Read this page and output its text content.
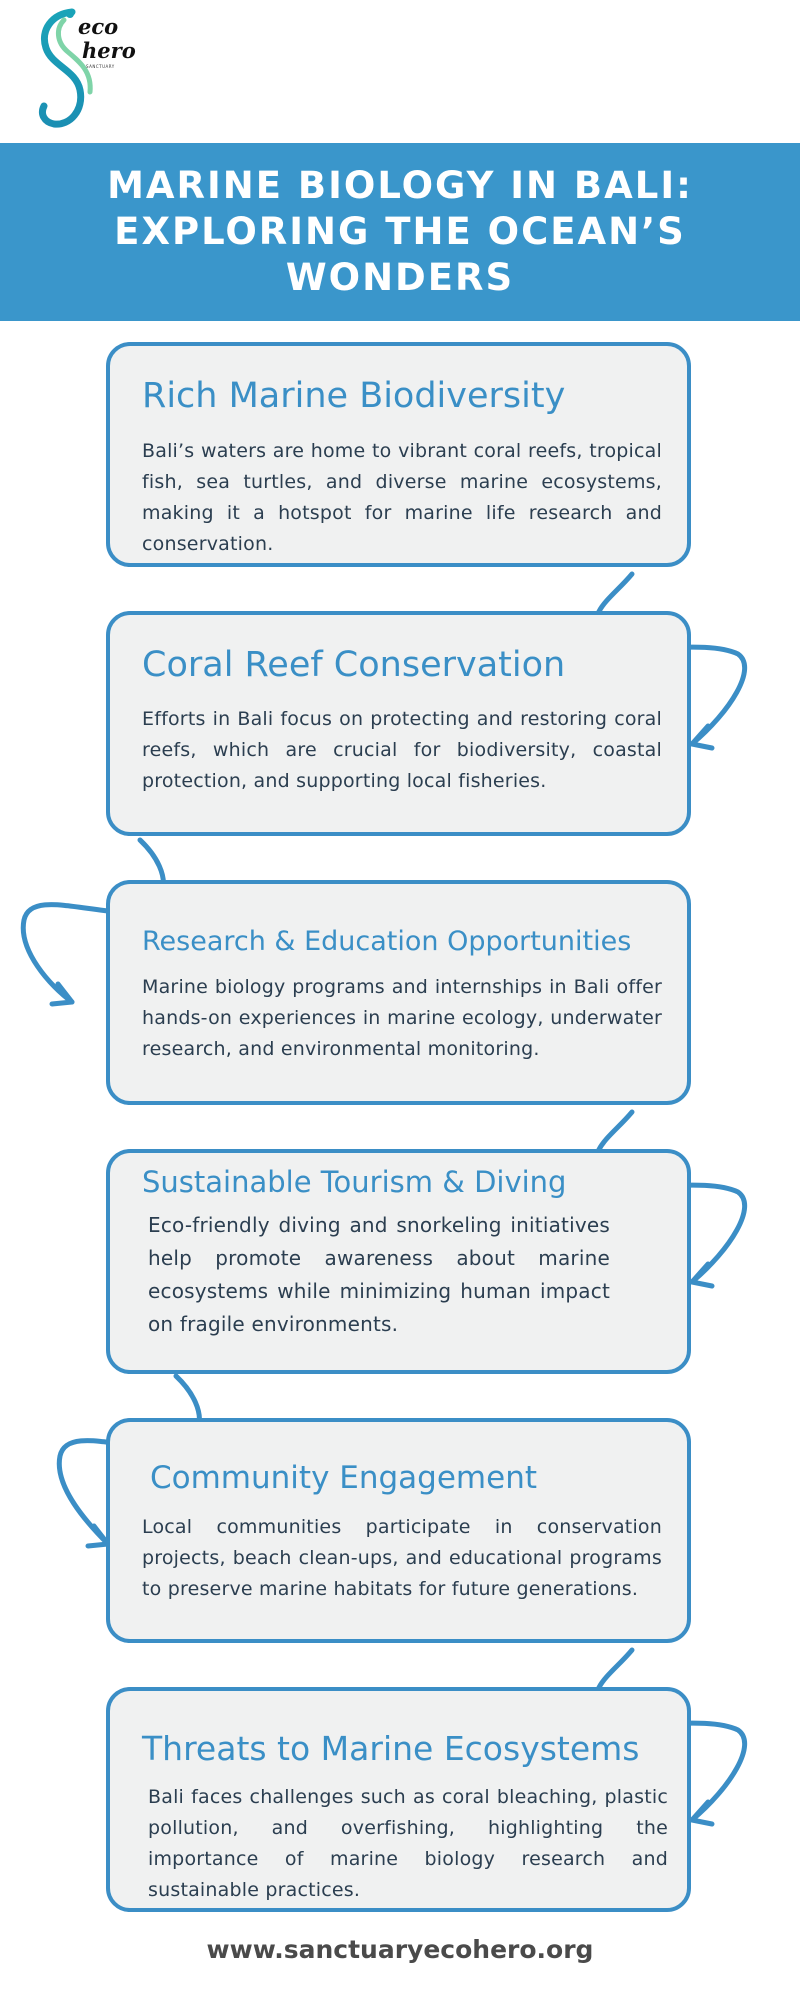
eco
hero
SANCTUARY
MARINE BIOLOGY IN BALI: EXPLORING THE OCEAN’S WONDERS
Rich Marine Biodiversity

Bali’s waters are home to vibrant coral reefs, tropical fish, sea turtles, and diverse marine ecosystems, making it a hotspot for marine life research and conservation.

Coral Reef Conservation

Efforts in Bali focus on protecting and restoring coral reefs, which are crucial for biodiversity, coastal protection, and supporting local fisheries.

Research & Education Opportunities

Marine biology programs and internships in Bali offer hands-on experiences in marine ecology, underwater research, and environmental monitoring.

Sustainable Tourism & Diving

Eco-friendly diving and snorkeling initiatives help promote awareness about marine ecosystems while minimizing human impact on fragile environments.

Community Engagement

Local communities participate in conservation projects, beach clean-ups, and educational programs to preserve marine habitats for future generations.

Threats to Marine Ecosystems

Bali faces challenges such as coral bleaching, plastic pollution, and overfishing, highlighting the importance of marine biology research and sustainable practices.

www.sanctuaryecohero.org
